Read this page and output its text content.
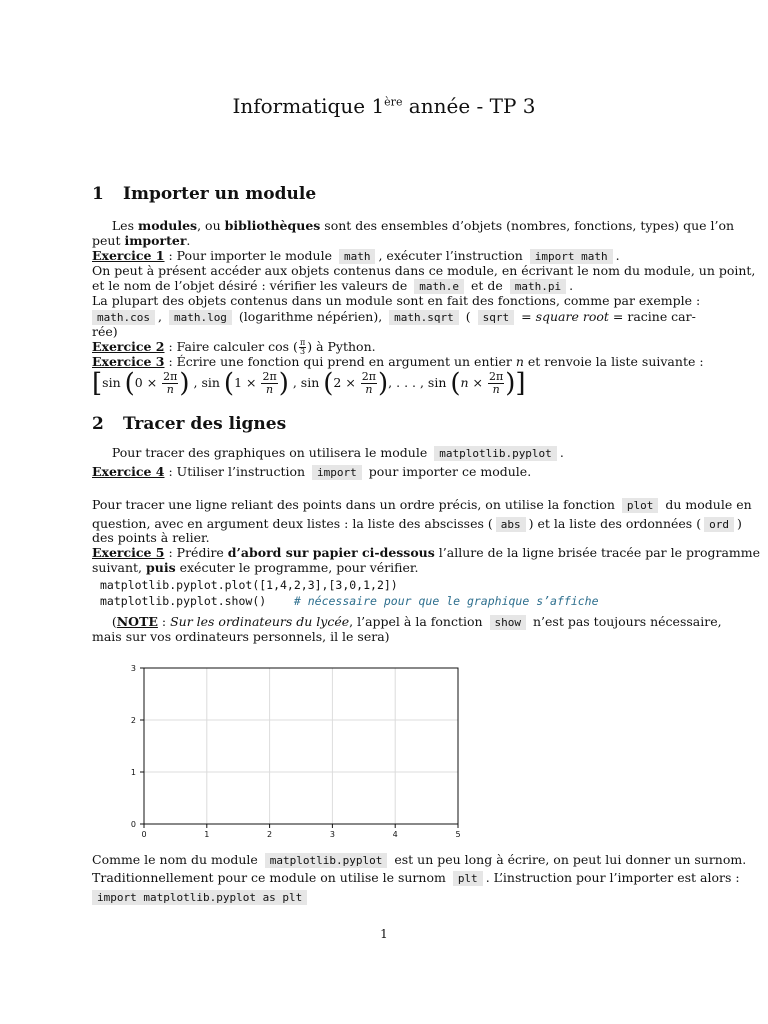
Informatique 1ère année - TP 3
1 Importer un module
Les modules, ou bibliothèques sont des ensembles d’objets (nombres, fonctions, types) que l’on
peut importer.
Exercice 1 : Pour importer le module math , exécuter l’instruction import math .
On peut à présent accéder aux objets contenus dans ce module, en écrivant le nom du module, un point,
et le nom de l’objet désiré : vérifier les valeurs de math.e et de math.pi .
La plupart des objets contenus dans un module sont en fait des fonctions, comme par exemple :
math.cos , math.log (logarithme népérien), math.sqrt ( sqrt = square root = racine car-
rée)
Exercice 2 : Faire calculer cos ( $\frac{\pi}{3}$ ) à Python.
Exercice 3 : Écrire une fonction qui prend en argument un entier n et renvoie la liste suivante :
[sin ($0 \times \frac{2\pi}{n}$ ) , $\sin (1 \times \frac{2\pi}{n}$ ) , $\sin (2 \times \frac{2\pi}{n}$ ), . . . , $\sin (n \times \frac{2\pi}{n}$ )]
2 Tracer des lignes
Pour tracer des graphiques on utilisera le module matplotlib.pyplot .
Exercice 4 : Utiliser l’instruction import pour importer ce module.
Pour tracer une ligne reliant des points dans un ordre précis, on utilise la fonction plot du module en
question, avec en argument deux listes : la liste des abscisses ( abs ) et la liste des ordonnées ( ord )
des points à relier.
Exercice 5 : Prédire d’abord sur papier ci-dessous l’allure de la ligne brisée tracée par le programme
suivant, puis exécuter le programme, pour vérifier.
matplotlib.pyplot.plot([1,4,2,3],[3,0,1,2])
matplotlib.pyplot.show() # nécessaire pour que le graphique s’affiche
(NOTE : Sur les ordinateurs du lycée, l’appel à la fonction show n’est pas toujours nécessaire,
mais sur vos ordinateurs personnels, il le sera)
0	1	2	3	4	5
0
1
2
3
Comme le nom du module matplotlib.pyplot est un peu long à écrire, on peut lui donner un surnom.
Traditionnellement pour ce module on utilise le surnom plt . L’instruction pour l’importer est alors :
import matplotlib.pyplot as plt
1
